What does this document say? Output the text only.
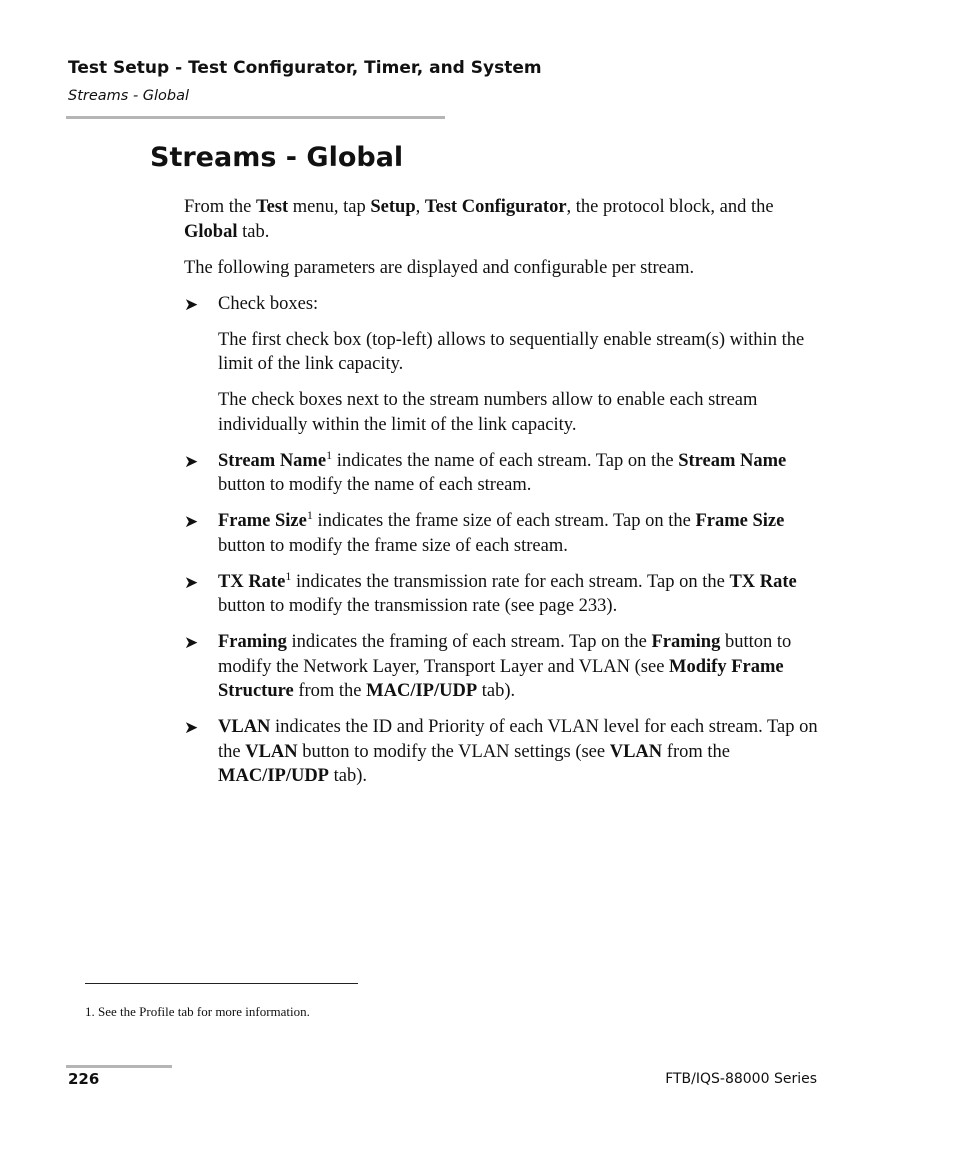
Test Setup - Test Configurator, Timer, and System
Streams - Global
Streams - Global

From the Test menu, tap Setup, Test Configurator, the protocol block, and the Global tab.

The following parameters are displayed and configurable per stream.

➤ Check boxes:

The first check box (top-left) allows to sequentially enable stream(s) within the limit of the link capacity.

The check boxes next to the stream numbers allow to enable each stream individually within the limit of the link capacity.

➤ Stream Name$^1$ indicates the name of each stream. Tap on the Stream Name button to modify the name of each stream.
➤ Frame Size$^1$ indicates the frame size of each stream. Tap on the Frame Size button to modify the frame size of each stream.
➤ TX Rate$^1$ indicates the transmission rate for each stream. Tap on the TX Rate button to modify the transmission rate (see page 233).
➤ Framing indicates the framing of each stream. Tap on the Framing button to modify the Network Layer, Transport Layer and VLAN (see Modify Frame Structure from the MAC/IP/UDP tab).
➤ VLAN indicates the ID and Priority of each VLAN level for each stream. Tap on the VLAN button to modify the VLAN settings (see VLAN from the MAC/IP/UDP tab).
1. See the Profile tab for more information.
226	FTB/IQS-88000 Series
